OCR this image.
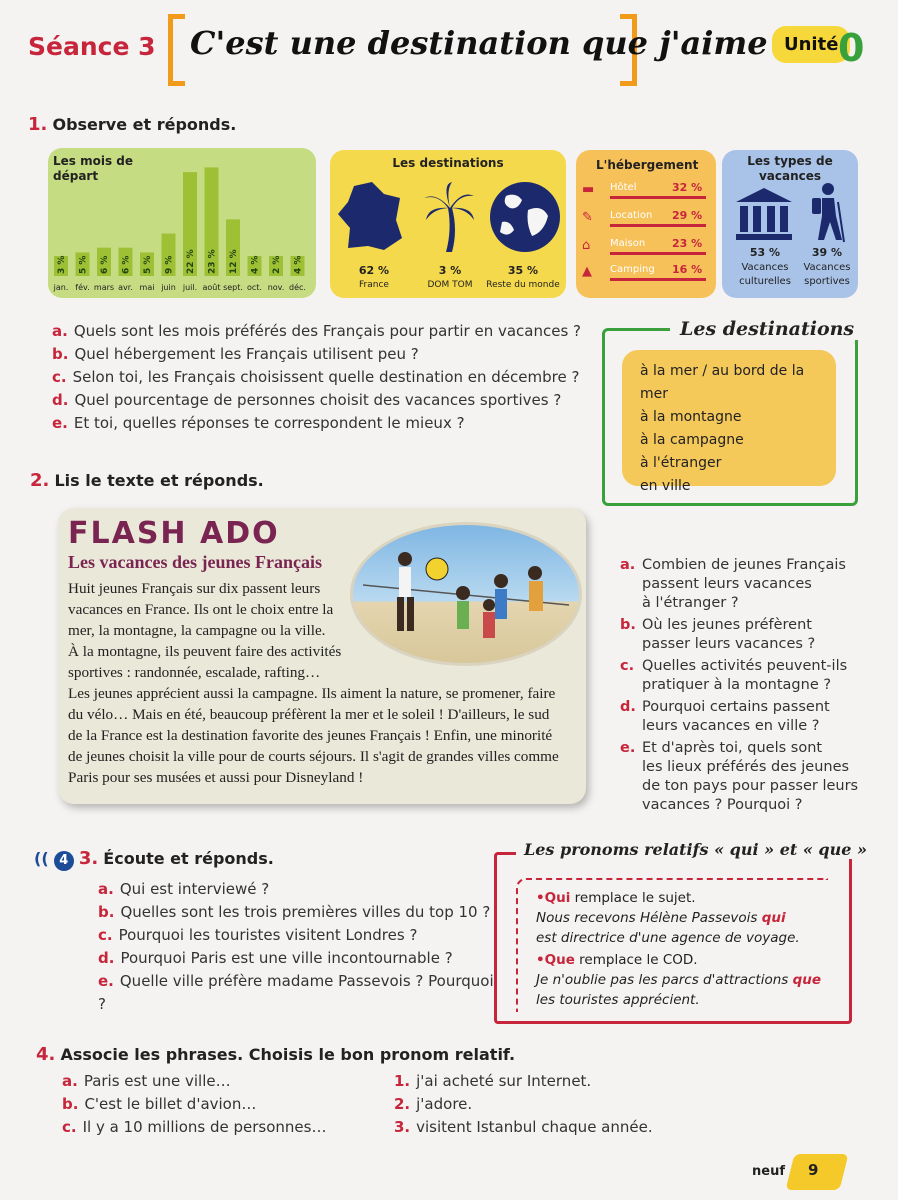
Séance 3 C'est une destination que j'aime Unité 0
1. Observe et réponds.
Les mois de départ
3 %
jan.
5 %
fév.
6 %
mars
6 %
avr.
5 %
mai
9 %
juin
22 %
juil.
23 %
août
12 %
sept.
4 %
oct.
2 %
nov.
4 %
déc.
Les destinations
62 %
France
3 %
DOM TOM
35 %
Reste du monde
L'hébergement
▬ Hôtel	32 %
✎ Location 29 %
⌂ Maison 23 %
▲ Camping 16 %
Les types de vacances
53 %
Vacances culturelles
39 %
Vacances sportives
a. Quels sont les mois préférés des Français pour partir en vacances ?
b. Quel hébergement les Français utilisent peu ?
c. Selon toi, les Français choisissent quelle destination en décembre ?
d. Quel pourcentage de personnes choisit des vacances sportives ?
e. Et toi, quelles réponses te correspondent le mieux ?
Les destinations
à la mer / au bord de la mer
à la montagne
à la campagne
à l'étranger
en ville
2. Lis le texte et réponds.
FLASH ADO
Les vacances des jeunes Français
Huit jeunes Français sur dix passent leurs
vacances en France. Ils ont le choix entre la
mer, la montagne, la campagne ou la ville.
À la montagne, ils peuvent faire des activités
sportives : randonnée, escalade, rafting…
Les jeunes apprécient aussi la campagne. Ils aiment la nature, se promener, faire
du vélo… Mais en été, beaucoup préfèrent la mer et le soleil ! D'ailleurs, le sud
de la France est la destination favorite des jeunes Français ! Enfin, une minorité
de jeunes choisit la ville pour de courts séjours. Il s'agit de grandes villes comme
Paris pour ses musées et aussi pour Disneyland !
a. Combien de jeunes Français
passent leurs vacances
à l'étranger ?
b. Où les jeunes préfèrent
passer leurs vacances ?
c. Quelles activités peuvent-ils
pratiquer à la montagne ?
d. Pourquoi certains passent
leurs vacances en ville ?
e. Et d'après toi, quels sont
les lieux préférés des jeunes
de ton pays pour passer leurs
vacances ? Pourquoi ?
(( 4 3. Écoute et réponds.
a. Qui est interviewé ?
b. Quelles sont les trois premières villes du top 10 ?
c. Pourquoi les touristes visitent Londres ?
d. Pourquoi Paris est une ville incontournable ?
e. Quelle ville préfère madame Passevois ? Pourquoi ?
Les pronoms relatifs « qui » et « que »
•Qui remplace le sujet.
Nous recevons Hélène Passevois qui
est directrice d'une agence de voyage.
•Que remplace le COD.
Je n'oublie pas les parcs d'attractions que
les touristes apprécient.
4. Associe les phrases. Choisis le bon pronom relatif.
a. Paris est une ville…
b. C'est le billet d'avion…
c. Il y a 10 millions de personnes…
1. j'ai acheté sur Internet.
2. j'adore.
3. visitent Istanbul chaque année.
neuf 9
